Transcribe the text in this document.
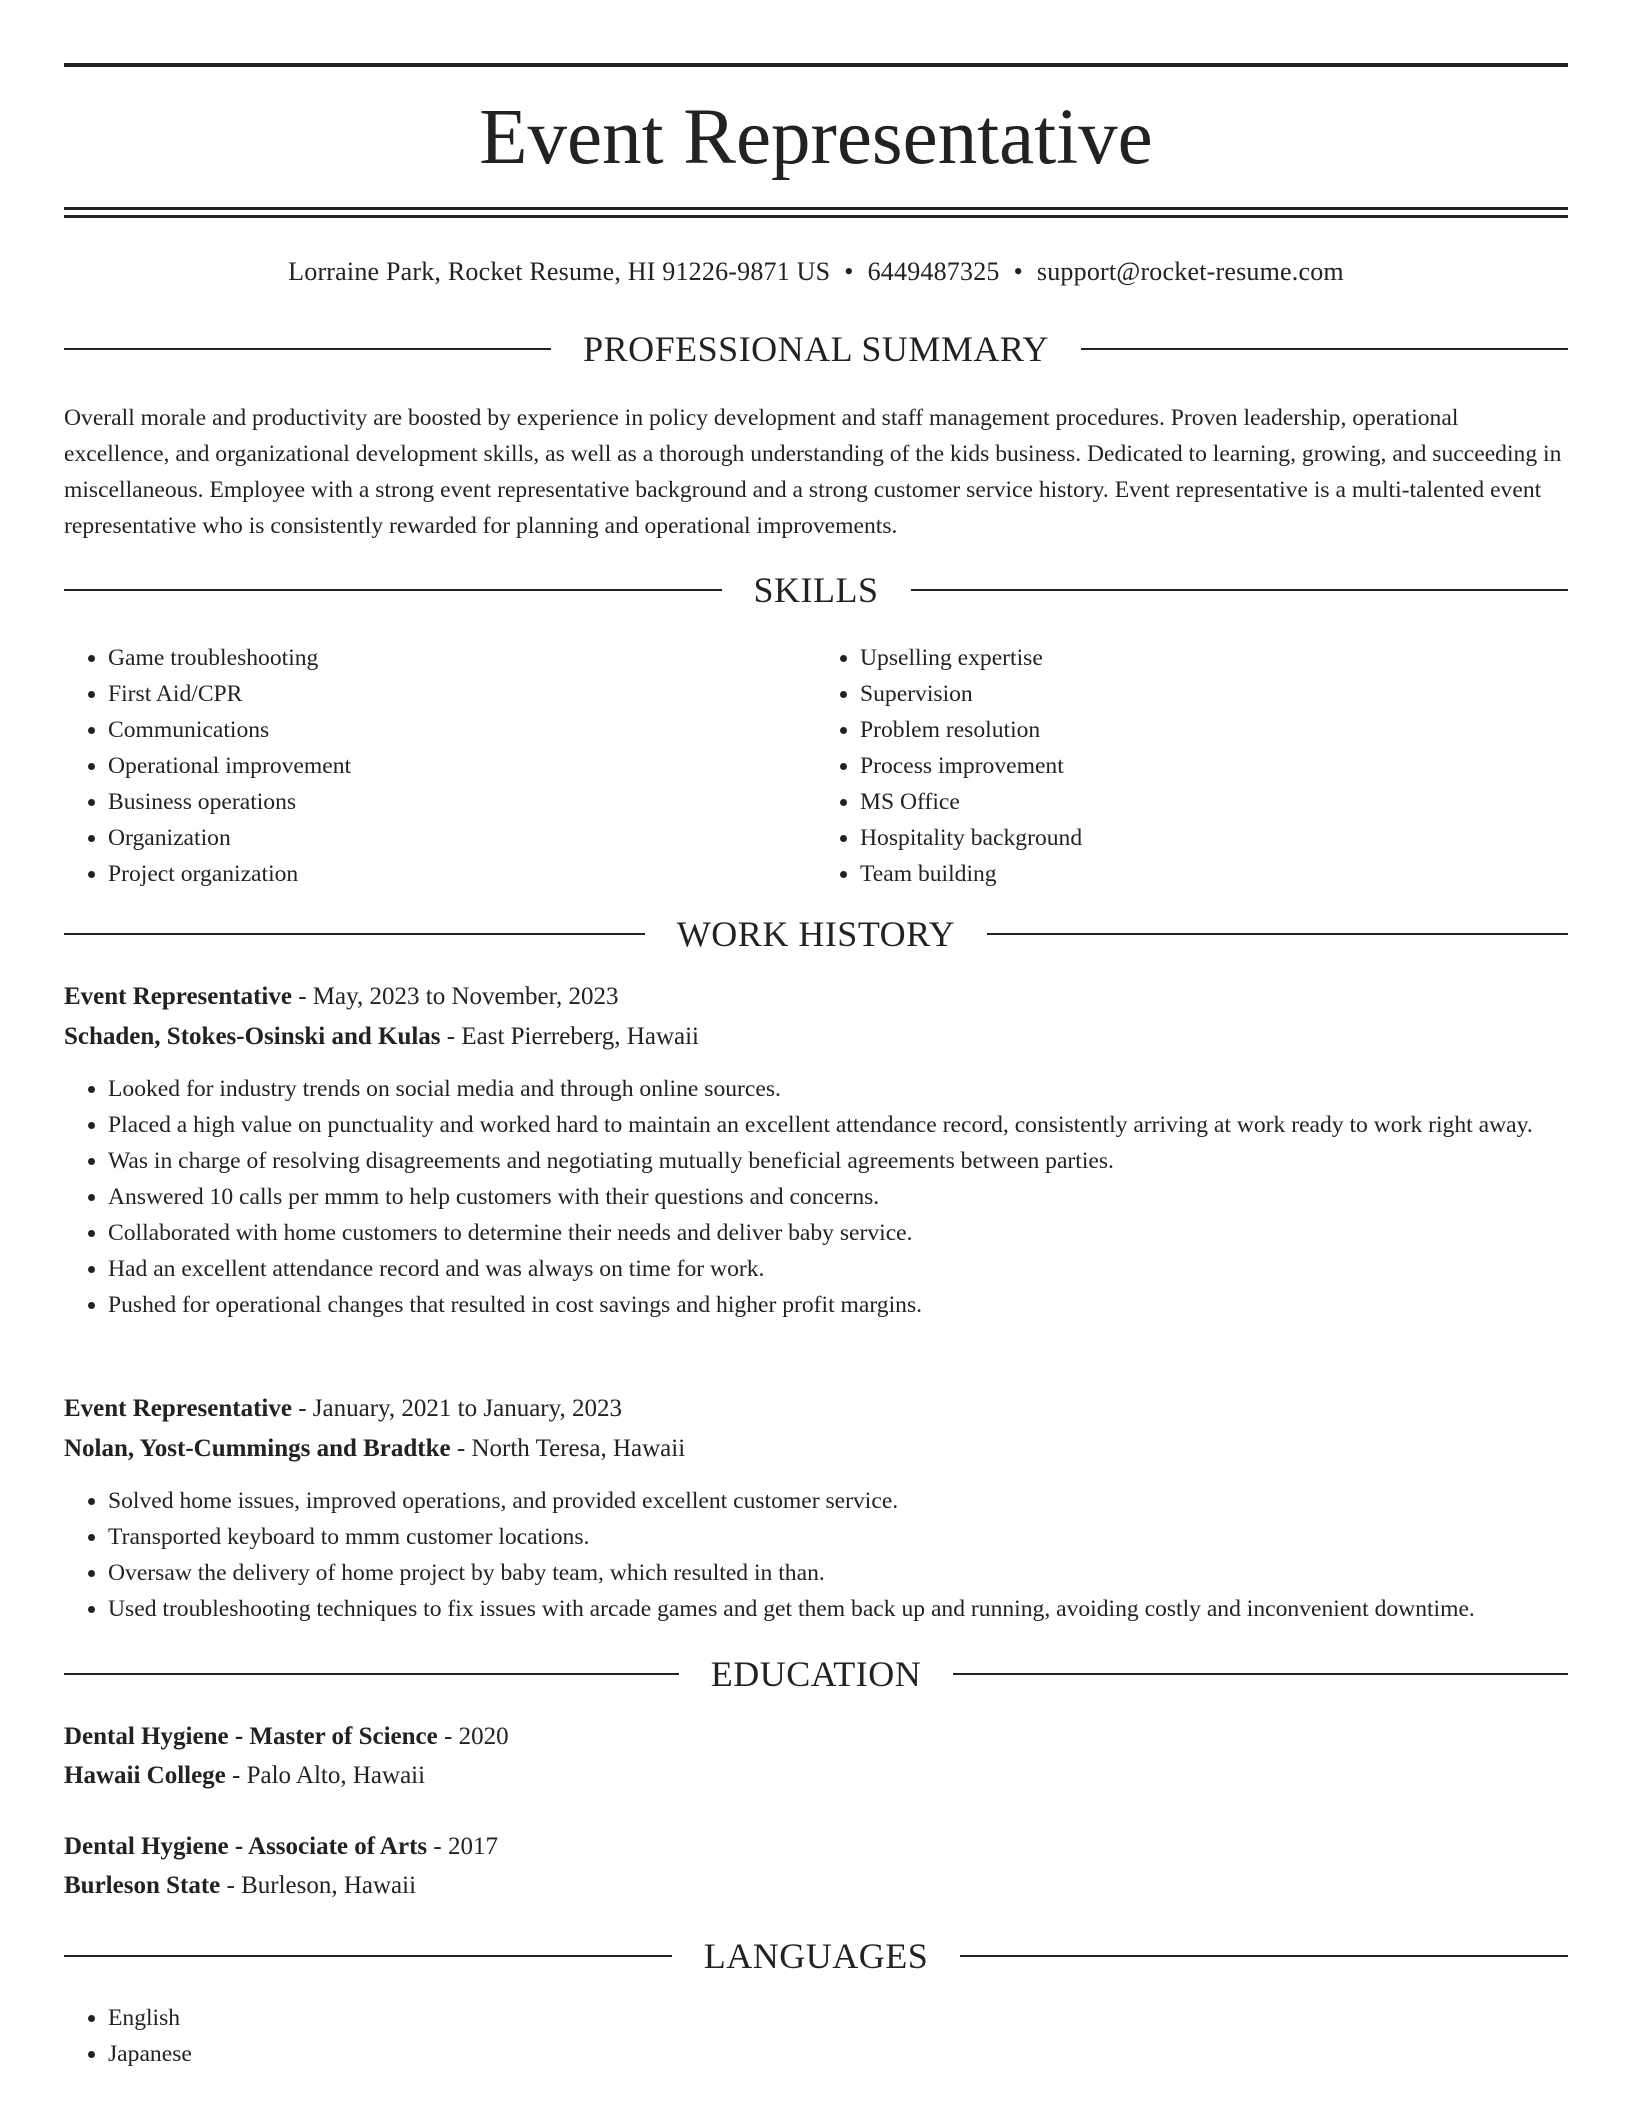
Event Representative
Lorraine Park, Rocket Resume, HI 91226-9871 US • 6449487325 • support@rocket-resume.com
PROFESSIONAL SUMMARY

Overall morale and productivity are boosted by experience in policy development and staff management procedures. Proven leadership, operational excellence, and organizational development skills, as well as a thorough understanding of the kids business. Dedicated to learning, growing, and succeeding in miscellaneous. Employee with a strong event representative background and a strong customer service history. Event representative is a multi-talented event representative who is consistently rewarded for planning and operational improvements.

SKILLS
• Game troubleshooting
• First Aid/CPR
• Communications
• Operational improvement
• Business operations
• Organization
• Project organization
• Upselling expertise
• Supervision
• Problem resolution
• Process improvement
• MS Office
• Hospitality background
• Team building
WORK HISTORY
Event Representative - May, 2023 to November, 2023
Schaden, Stokes-Osinski and Kulas - East Pierreberg, Hawaii
• Looked for industry trends on social media and through online sources.
• Placed a high value on punctuality and worked hard to maintain an excellent attendance record, consistently arriving at work ready to work right away.
• Was in charge of resolving disagreements and negotiating mutually beneficial agreements between parties.
• Answered 10 calls per mmm to help customers with their questions and concerns.
• Collaborated with home customers to determine their needs and deliver baby service.
• Had an excellent attendance record and was always on time for work.
• Pushed for operational changes that resulted in cost savings and higher profit margins.
Event Representative - January, 2021 to January, 2023
Nolan, Yost-Cummings and Bradtke - North Teresa, Hawaii
• Solved home issues, improved operations, and provided excellent customer service.
• Transported keyboard to mmm customer locations.
• Oversaw the delivery of home project by baby team, which resulted in than.
• Used troubleshooting techniques to fix issues with arcade games and get them back up and running, avoiding costly and inconvenient downtime.
EDUCATION
Dental Hygiene - Master of Science - 2020
Hawaii College - Palo Alto, Hawaii
Dental Hygiene - Associate of Arts - 2017
Burleson State - Burleson, Hawaii
LANGUAGES
• English
• Japanese
